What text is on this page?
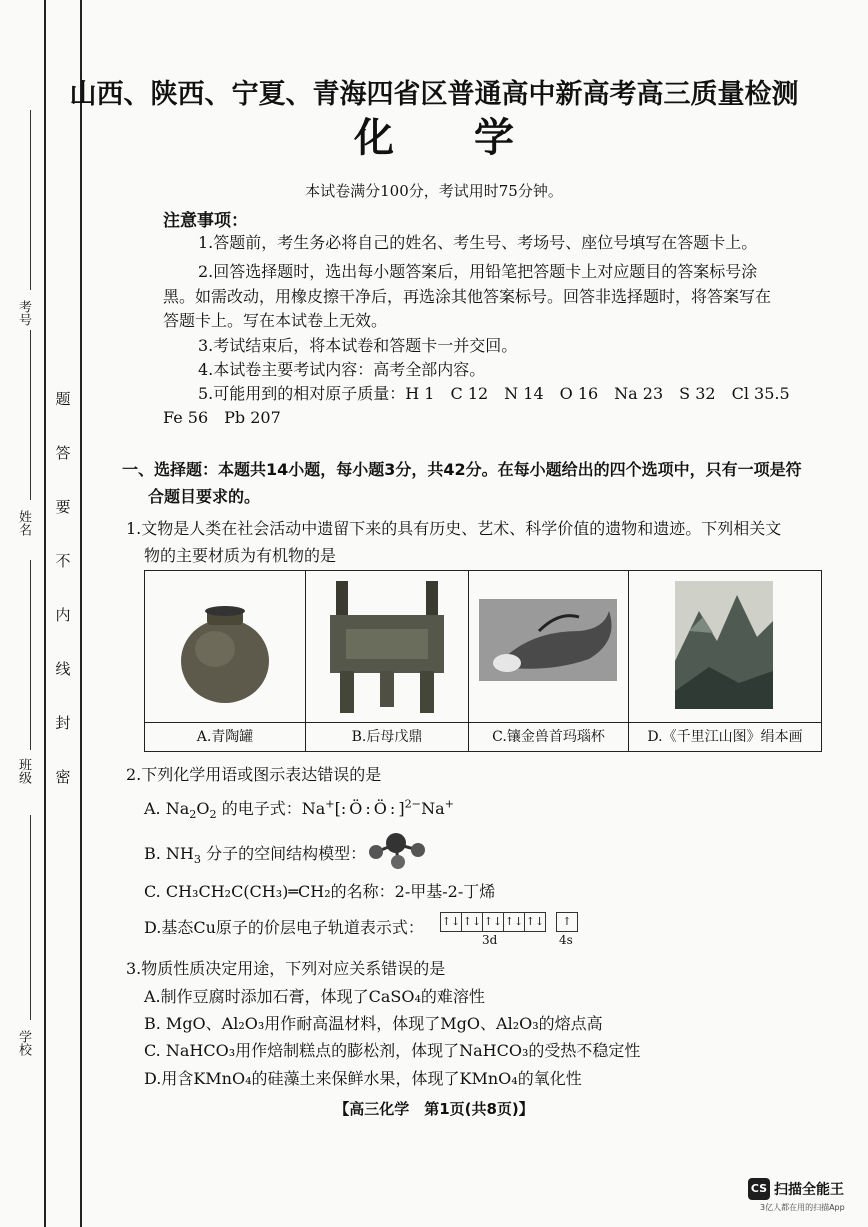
考号
姓名
班级
学校
题
答
要
不
内
线
封
密
山西、陕西、宁夏、青海四省区普通高中新高考高三质量检测
化学
本试卷满分100分，考试用时75分钟。
注意事项：
1.答题前，考生务必将自己的姓名、考生号、考场号、座位号填写在答题卡上。
2.回答选择题时，选出每小题答案后，用铅笔把答题卡上对应题目的答案标号涂
黑。如需改动，用橡皮擦干净后，再选涂其他答案标号。回答非选择题时，将答案写在
答题卡上。写在本试卷上无效。
3.考试结束后，将本试卷和答题卡一并交回。
4.本试卷主要考试内容：高考全部内容。
5.可能用到的相对原子质量：H 1　C 12　N 14　O 16　Na 23　S 32　Cl 35.5
Fe 56　Pb 207
一、选择题：本题共14小题，每小题3分，共42分。在每小题给出的四个选项中，只有一项是符
合题目要求的。
1.文物是人类在社会活动中遗留下来的具有历史、艺术、科学价值的遗物和遗迹。下列相关文
物的主要材质为有机物的是
A.青陶罐	B.后母戊鼎	C.镶金兽首玛瑙杯	D.《千里江山图》绢本画
2.下列化学用语或图示表达错误的是
A. $Na_2O_2$ 的电子式：Na+[:Ö:Ö:]$^{2-}$Na+
B. $NH_3$ 分子的空间结构模型：
C. CH₃CH₂C(CH₃)═CH₂的名称：2-甲基-2-丁烯
D.基态Cu原子的价层电子轨道表示式： ↑↓ ↑↓ ↑↓ ↑↓ ↑↓	↑
3d	4s
3.物质性质决定用途，下列对应关系错误的是
A.制作豆腐时添加石膏，体现了CaSO₄的难溶性
B. MgO、Al₂O₃用作耐高温材料，体现了MgO、Al₂O₃的熔点高
C. NaHCO₃用作焙制糕点的膨松剂，体现了NaHCO₃的受热不稳定性
D.用含KMnO₄的硅藻土来保鲜水果，体现了KMnO₄的氧化性
【高三化学　第1页(共8页)】
CS 扫描全能王
3亿人都在用的扫描App
